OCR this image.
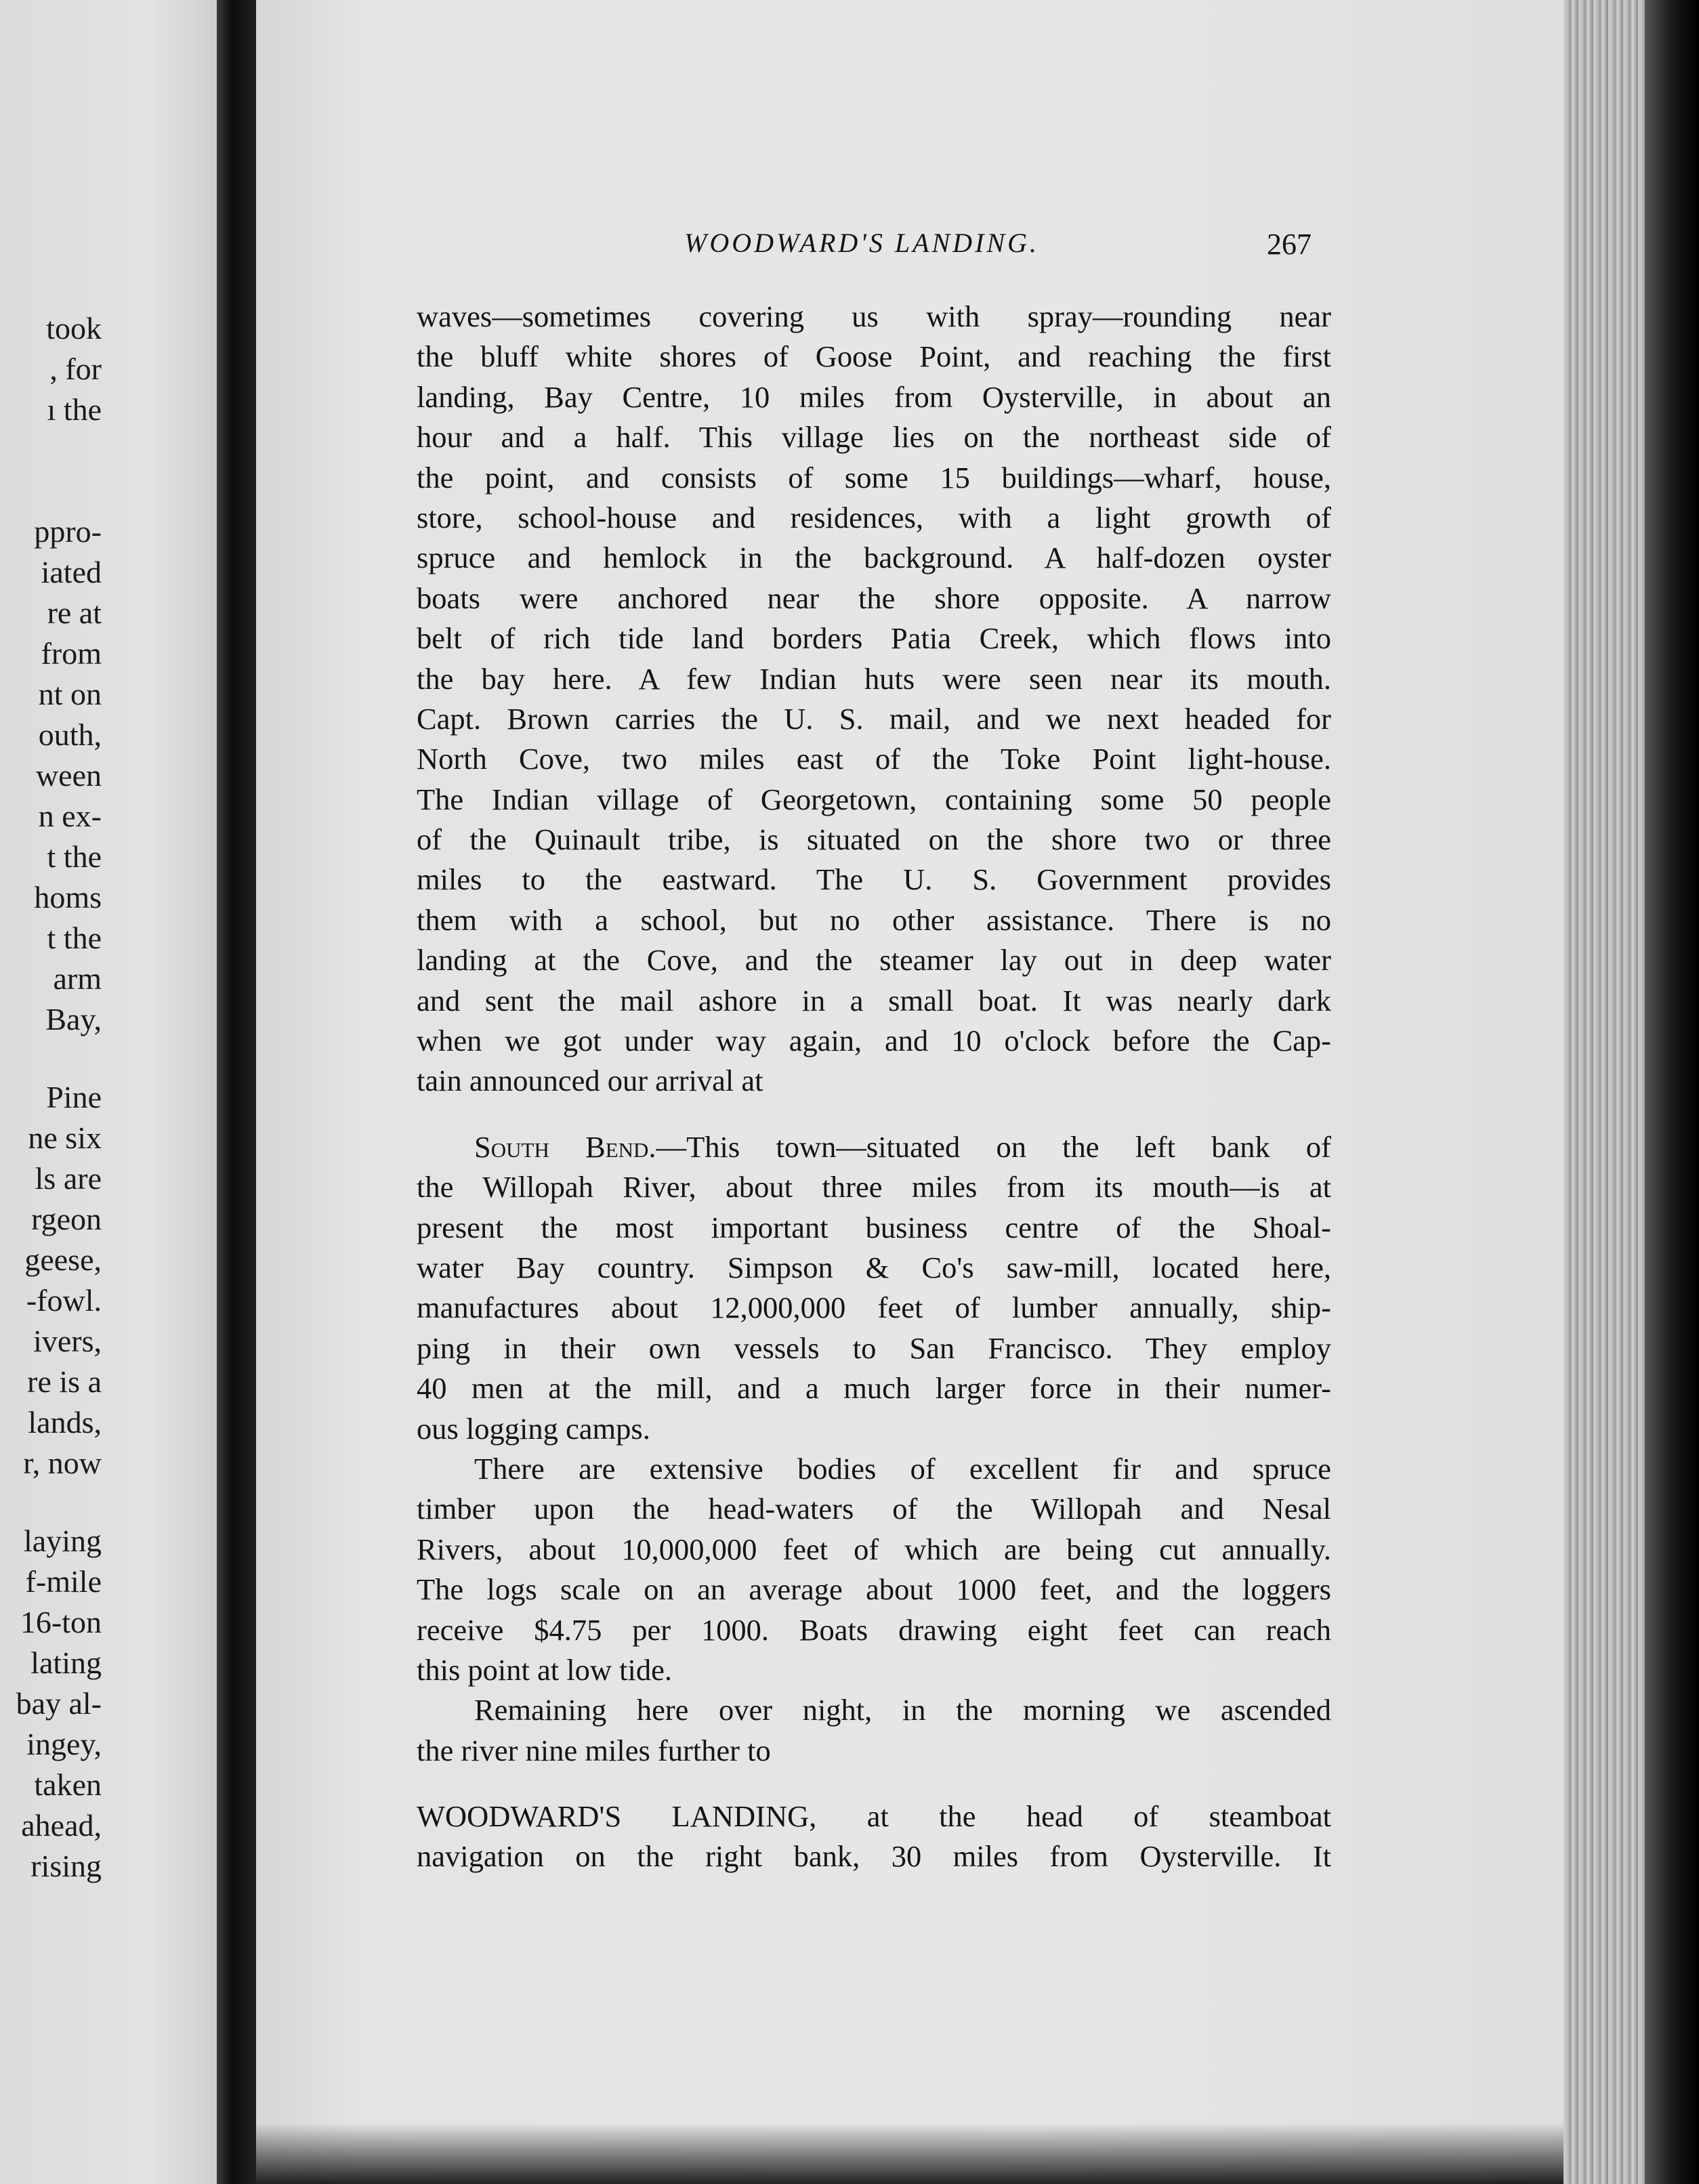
took
, for
ı the
ppro-
iated
re at
from
nt on
outh,
ween
n ex-
t the
homs
t the
arm
Bay,
Pine
ne six
ls are
rgeon
geese,
-fowl.
ivers,
re is a
lands,
r, now
laying
f-mile
16-ton
lating
bay al-
ingey,
taken
ahead,
rising
WOODWARD'S LANDING.	267
waves—sometimes covering us with spray—rounding near
the bluff white shores of Goose Point, and reaching the first
landing, Bay Centre, 10 miles from Oysterville, in about an
hour and a half. This village lies on the northeast side of
the point, and consists of some 15 buildings—wharf, house,
store, school-house and residences, with a light growth of
spruce and hemlock in the background. A half-dozen oyster
boats were anchored near the shore opposite. A narrow
belt of rich tide land borders Patia Creek, which flows into
the bay here. A few Indian huts were seen near its mouth.
Capt. Brown carries the U. S. mail, and we next headed for
North Cove, two miles east of the Toke Point light-house.
The Indian village of Georgetown, containing some 50 people
of the Quinault tribe, is situated on the shore two or three
miles to the eastward. The U. S. Government provides
them with a school, but no other assistance. There is no
landing at the Cove, and the steamer lay out in deep water
and sent the mail ashore in a small boat. It was nearly dark
when we got under way again, and 10 o'clock before the Cap-
tain announced our arrival at
South Bend.—This town—situated on the left bank of
the Willopah River, about three miles from its mouth—is at
present the most important business centre of the Shoal-
water Bay country. Simpson & Co's saw-mill, located here,
manufactures about 12,000,000 feet of lumber annually, ship-
ping in their own vessels to San Francisco. They employ
40 men at the mill, and a much larger force in their numer-
ous logging camps.
There are extensive bodies of excellent fir and spruce
timber upon the head-waters of the Willopah and Nesal
Rivers, about 10,000,000 feet of which are being cut annually.
The logs scale on an average about 1000 feet, and the loggers
receive $4.75 per 1000. Boats drawing eight feet can reach
this point at low tide.
Remaining here over night, in the morning we ascended
the river nine miles further to
WOODWARD'S LANDING, at the head of steamboat
navigation on the right bank, 30 miles from Oysterville. It
